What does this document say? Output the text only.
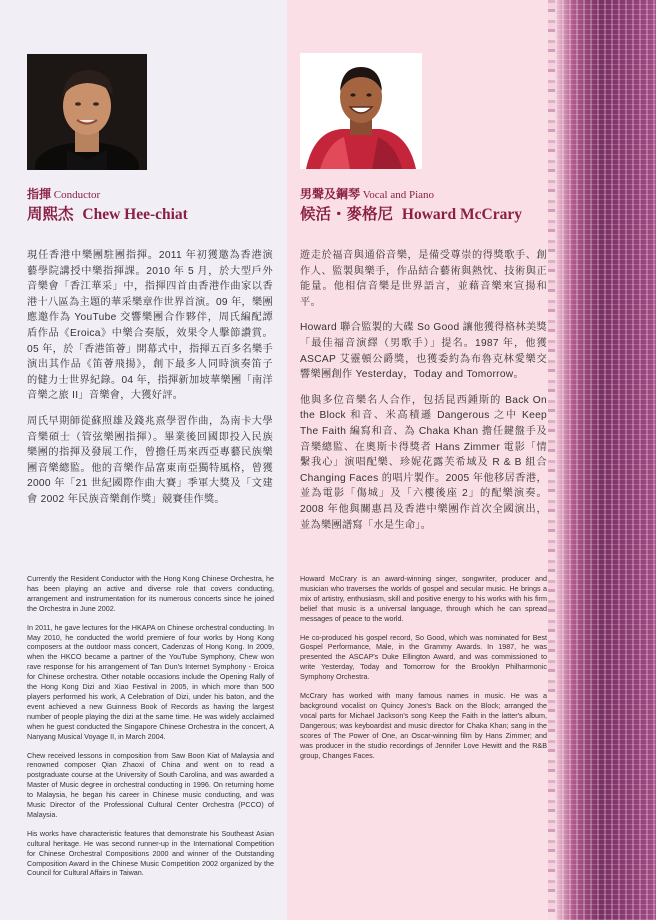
指揮 Conductor
周熙杰 Chew Hee-chiat
男聲及鋼琴 Vocal and Piano
候活・麥格尼 Howard McCrary

現任香港中樂團駐團指揮。2011 年初獲邀為香港演藝學院講授中樂指揮課。2010 年 5 月，於大型戶外音樂會「香江華采」中，指揮四首由香港作曲家以香港十八區為主題的華采樂章作世界首演。09 年，樂團應邀作為 YouTube 交響樂團合作夥伴，周氏編配譚盾作品《Eroica》中樂合奏版，效果令人擊節讚賞。05 年，於「香港笛薈」開幕式中，指揮五百多名樂手演出其作品《笛薈飛揚》，創下最多人同時演奏笛子的健力士世界紀錄。04 年，指揮新加坡華樂團「南洋音樂之旅 II」音樂會，大獲好評。

周氏早期師從蘇照雄及錢兆熹學習作曲，為南卡大學音樂碩士（管弦樂團指揮）。畢業後回國即投入民族樂團的指揮及發展工作，曾擔任馬來西亞專藝民族樂團音樂總監。他的音樂作品富東南亞獨特風格，曾獲 2000 年「21 世紀國際作曲大賽」季軍大獎及「文建會 2002 年民族音樂創作獎」競賽佳作獎。

Currently the Resident Conductor with the Hong Kong Chinese Orchestra, he has been playing an active and diverse role that covers conducting, arrangement and instrumentation for its numerous concerts since he joined the Orchestra in June 2002.

In 2011, he gave lectures for the HKAPA on Chinese orchestral conducting. In May 2010, he conducted the world premiere of four works by Hong Kong composers at the outdoor mass concert, Cadenzas of Hong Kong. In 2009, when the HKCO became a partner of the YouTube Symphony, Chew won rave response for his arrangement of Tan Dun's Internet Symphony - Eroica for Chinese orchestra. Other notable occasions include the Opening Rally of the Hong Kong Dizi and Xiao Festival in 2005, in which more than 500 players performed his work, A Celebration of Dizi, under his baton, and the event achieved a new Guinness Book of Records as having the largest number of people playing the dizi at the same time. He was widely acclaimed when he guest conducted the Singapore Chinese Orchestra in the concert, A Nanyang Musical Voyage II, in March 2004.

Chew received lessons in composition from Saw Boon Kiat of Malaysia and renowned composer Qian Zhaoxi of China and went on to read a postgraduate course at the University of South Carolina, and was awarded a Master of Music degree in orchestral conducting in 1996. On returning home to Malaysia, he began his career in Chinese music conducting, and was Music Director of the Professional Cultural Center Orchestra (PCCO) of Malaysia.

His works have characteristic features that demonstrate his Southeast Asian cultural heritage. He was second runner-up in the International Competition for Chinese Orchestral Compositions 2000 and winner of the Outstanding Composition Award in the Chinese Music Competition 2002 organized by the Council for Cultural Affairs in Taiwan.

遊走於福音與通俗音樂，是備受尊崇的得獎歌手、創作人、監製與樂手，作品結合藝術與熱忱、技術與正能量。他相信音樂是世界語言，並藉音樂來宣揚和平。

Howard 聯合監製的大碟 So Good 讓他獲得格林美獎「最佳福音演繹（男歌手）」提名。1987 年，他獲 ASCAP 艾靈頓公爵獎，也獲委約為布魯克林愛樂交響樂團創作 Yesterday，Today and Tomorrow。

他與多位音樂名人合作，包括昆西鍾斯的 Back On the Block 和音、米高積遜 Dangerous 之中 Keep The Faith 編寫和音、為 Chaka Khan 擔任鍵盤手及音樂總監、在奧斯卡得獎者 Hans Zimmer 電影「情繫我心」演唱配樂、珍妮花露芙希域及 R & B 組合 Changing Faces 的唱片製作。2005 年他移居香港，並為電影「傷城」及「六樓後座 2」的配樂演奏。2008 年他與關惠昌及香港中樂團作首次全國演出，並為樂團譜寫「水是生命」。

Howard McCrary is an award-winning singer, songwriter, producer and musician who traverses the worlds of gospel and secular music. He brings a mix of artistry, enthusiasm, skill and positive energy to his works with his firm belief that music is a universal language, through which he can spread messages of peace to the world.

He co-produced his gospel record, So Good, which was nominated for Best Gospel Performance, Male, in the Grammy Awards. In 1987, he was presented the ASCAP's Duke Ellington Award, and was commissioned to write Yesterday, Today and Tomorrow for the Brooklyn Philharmonic Symphony Orchestra.

McCrary has worked with many famous names in music. He was a background vocalist on Quincy Jones's Back on the Block; arranged the vocal parts for Michael Jackson's song Keep the Faith in the latter's album, Dangerous; was keyboardist and music director for Chaka Khan; sang in the scores of The Power of One, an Oscar-winning film by Hans Zimmer; and was producer in the studio recordings of Jennifer Love Hewitt and the R&B group, Changes Faces.
